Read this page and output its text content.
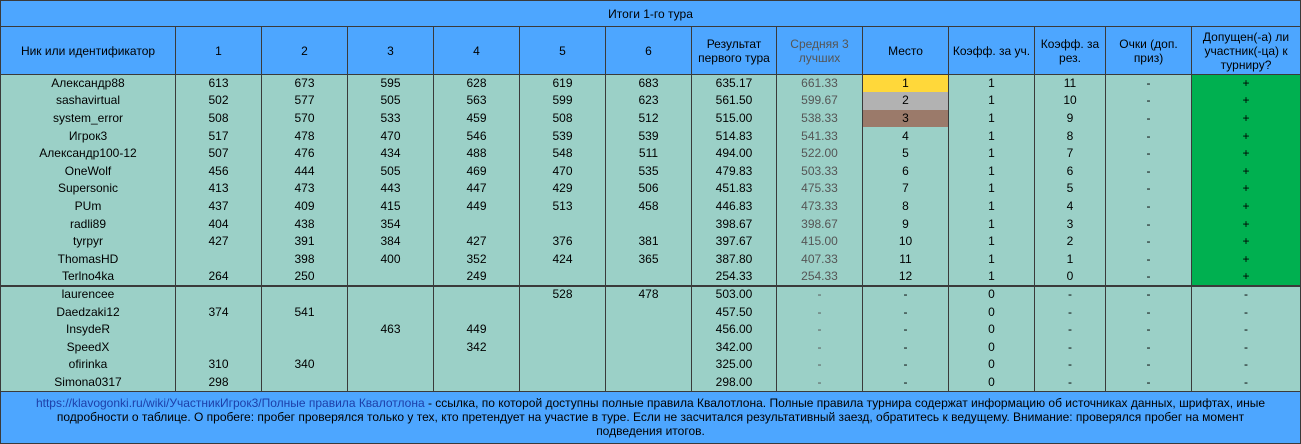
Итоги 1-го тура													
Ник или идентификатор	1	2	3	4	5	6	Результат первого тура	Средняя 3 лучших	Место	Коэфф. за уч.	Коэфф. за рез.	Очки (доп. приз)	Допущен(-а) ли участник(-ца) к турниру?
Александр88	613	673	595	628	619	683	635.17	661.33	1	1	11	-	+
sashavirtual	502	577	505	563	599	623	561.50	599.67	2	1	10	-	+
system_error	508	570	533	459	508	512	515.00	538.33	3	1	9	-	+
Игрок3	517	478	470	546	539	539	514.83	541.33	4	1	8	-	+
Александр100-12	507	476	434	488	548	511	494.00	522.00	5	1	7	-	+
OneWolf	456	444	505	469	470	535	479.83	503.33	6	1	6	-	+
Supersonic	413	473	443	447	429	506	451.83	475.33	7	1	5	-	+
PUm	437	409	415	449	513	458	446.83	473.33	8	1	4	-	+
radli89	404	438	354				398.67	398.67	9	1	3	-	+
tyrpyr	427	391	384	427	376	381	397.67	415.00	10	1	2	-	+
ThomasHD		398	400	352	424	365	387.80	407.33	11	1	1	-	+
Terlno4ka	264	250		249			254.33	254.33	12	1	0	-	+
laurencee					528	478	503.00	-	-	0	-	-	-
Daedzaki12	374	541					457.50	-	-	0	-	-	-
InsydeR			463	449			456.00	-	-	0	-	-	-
SpeedX				342			342.00	-	-	0	-	-	-
ofirinka	310	340					325.00	-	-	0	-	-	-
Simona0317	298						298.00	-	-	0	-	-	-
https://klavogonki.ru/wiki/УчастникИгрок3/Полные правила Квалотлона - ссылка, по которой доступны полные правила Квалотлона. Полные правила турнира содержат информацию об источниках данных, шрифтах, иные подробности о таблице. О пробеге: пробег проверялся только у тех, кто претендует на участие в туре. Если не засчитался результативный заезд, обратитесь к ведущему. Внимание: проверялся пробег на момент подведения итогов.													
